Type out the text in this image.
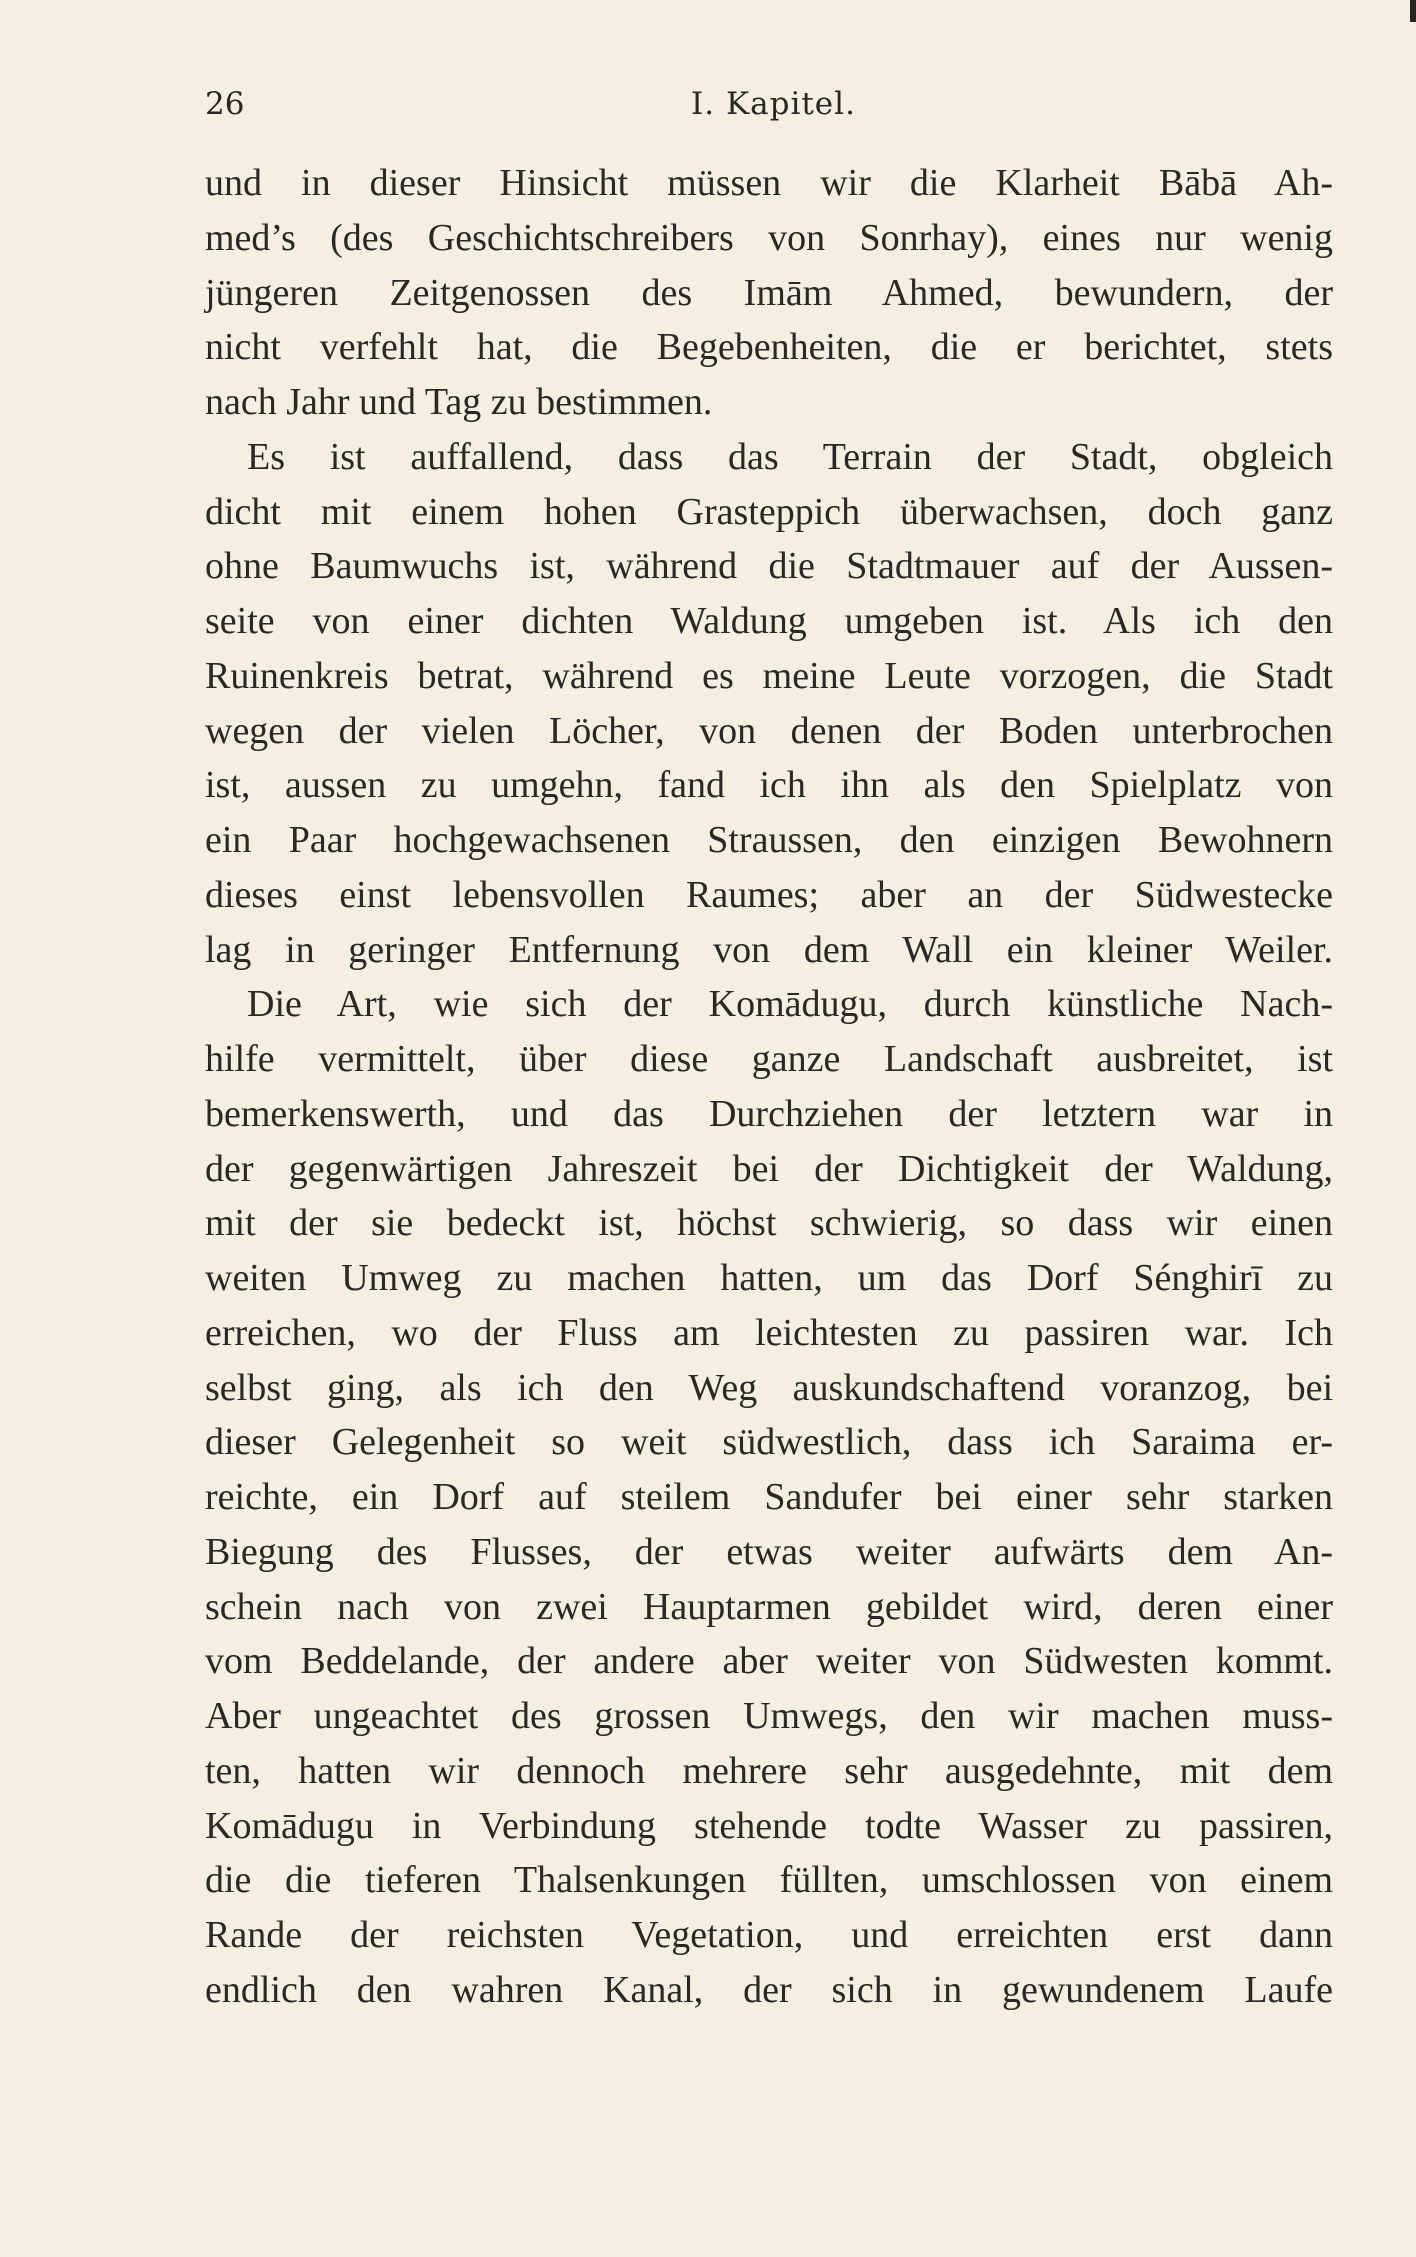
26	I. Kapitel.
und in dieser Hinsicht müssen wir die Klarheit Bābā Ah-
med’s (des Geschichtschreibers von Sonrhay), eines nur wenig
jüngeren Zeitgenossen des Imām Ahmed, bewundern, der
nicht verfehlt hat, die Begebenheiten, die er berichtet, stets
nach Jahr und Tag zu bestimmen.
Es ist auffallend, dass das Terrain der Stadt, obgleich
dicht mit einem hohen Grasteppich überwachsen, doch ganz
ohne Baumwuchs ist, während die Stadtmauer auf der Aussen-
seite von einer dichten Waldung umgeben ist. Als ich den
Ruinenkreis betrat, während es meine Leute vorzogen, die Stadt
wegen der vielen Löcher, von denen der Boden unterbrochen
ist, aussen zu umgehn, fand ich ihn als den Spielplatz von
ein Paar hochgewachsenen Straussen, den einzigen Bewohnern
dieses einst lebensvollen Raumes; aber an der Südwestecke
lag in geringer Entfernung von dem Wall ein kleiner Weiler.
Die Art, wie sich der Komādugu, durch künstliche Nach-
hilfe vermittelt, über diese ganze Landschaft ausbreitet, ist
bemerkenswerth, und das Durchziehen der letztern war in
der gegenwärtigen Jahreszeit bei der Dichtigkeit der Waldung,
mit der sie bedeckt ist, höchst schwierig, so dass wir einen
weiten Umweg zu machen hatten, um das Dorf Sénghirī zu
erreichen, wo der Fluss am leichtesten zu passiren war. Ich
selbst ging, als ich den Weg auskundschaftend voranzog, bei
dieser Gelegenheit so weit südwestlich, dass ich Saraima er-
reichte, ein Dorf auf steilem Sandufer bei einer sehr starken
Biegung des Flusses, der etwas weiter aufwärts dem An-
schein nach von zwei Hauptarmen gebildet wird, deren einer
vom Beddelande, der andere aber weiter von Südwesten kommt.
Aber ungeachtet des grossen Umwegs, den wir machen muss-
ten, hatten wir dennoch mehrere sehr ausgedehnte, mit dem
Komādugu in Verbindung stehende todte Wasser zu passiren,
die die tieferen Thalsenkungen füllten, umschlossen von einem
Rande der reichsten Vegetation, und erreichten erst dann
endlich den wahren Kanal, der sich in gewundenem Laufe
